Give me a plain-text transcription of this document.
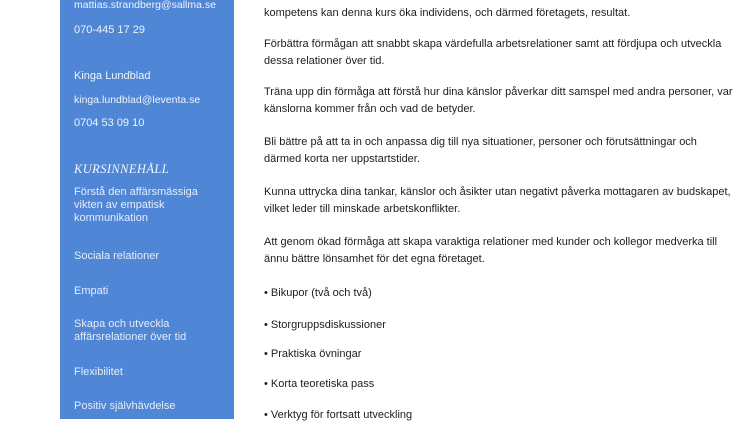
mattias.strandberg@sallma.se
070-445 17 29
Kinga Lundblad
kinga.lundblad@leventa.se
0704 53 09 10
KURSINNEHÅLL
Förstå den affärsmässiga vikten av empatisk kommunikation
Sociala relationer
Empati
Skapa och utveckla affärsrelationer över tid
Flexibilitet
Positiv självhävdelse
kompetens kan denna kurs öka individens, och därmed företagets, resultat.
Förbättra förmågan att snabbt skapa värdefulla arbetsrelationer samt att fördjupa och utveckla dessa relationer över tid.
Träna upp din förmåga att förstå hur dina känslor påverkar ditt samspel med andra personer, var känslorna kommer från och vad de betyder.
Bli bättre på att ta in och anpassa dig till nya situationer, personer och förutsättningar och därmed korta ner uppstartstider.
Kunna uttrycka dina tankar, känslor och åsikter utan negativt påverka mottagaren av budskapet, vilket leder till minskade arbetskonflikter.
Att genom ökad förmåga att skapa varaktiga relationer med kunder och kollegor medverka till ännu bättre lönsamhet för det egna företaget.
• Bikupor (två och två)
• Storgruppsdiskussioner
• Praktiska övningar
• Korta teoretiska pass
• Verktyg för fortsatt utveckling
